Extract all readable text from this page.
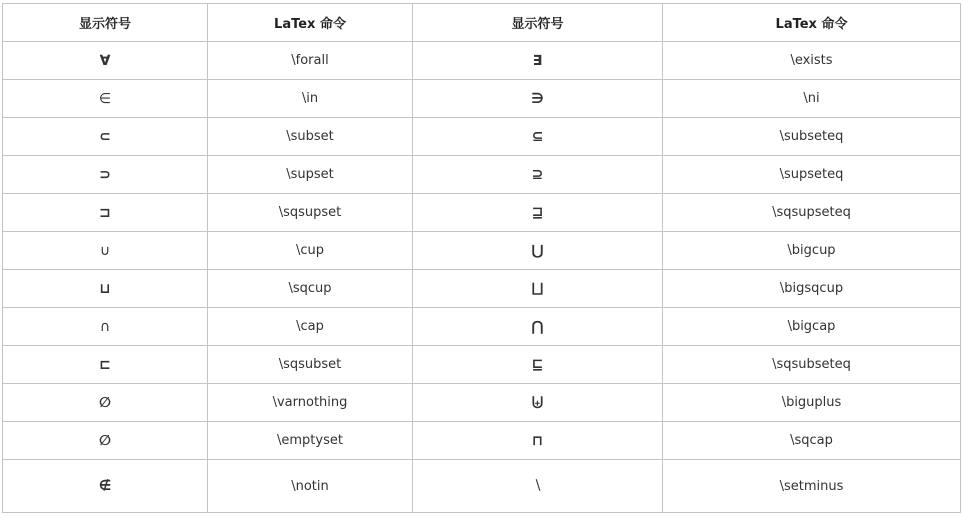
显示符号	LaTex 命令	显示符号	LaTex 命令
∀	\forall	∃	\exists
∈	\in	∋	\ni
⊂	\subset	⊆	\subseteq
⊃	\supset	⊇	\supseteq
⊐	\sqsupset	⊒	\sqsupseteq
∪	\cup	⋃	\bigcup
⊔	\sqcup	⨆	\bigsqcup
∩	\cap	⋂	\bigcap
⊏	\sqsubset	⊑	\sqsubseteq
∅	\varnothing	⨄	\biguplus
∅	\emptyset	⊓	\sqcap
∉	\notin	∖	\setminus
